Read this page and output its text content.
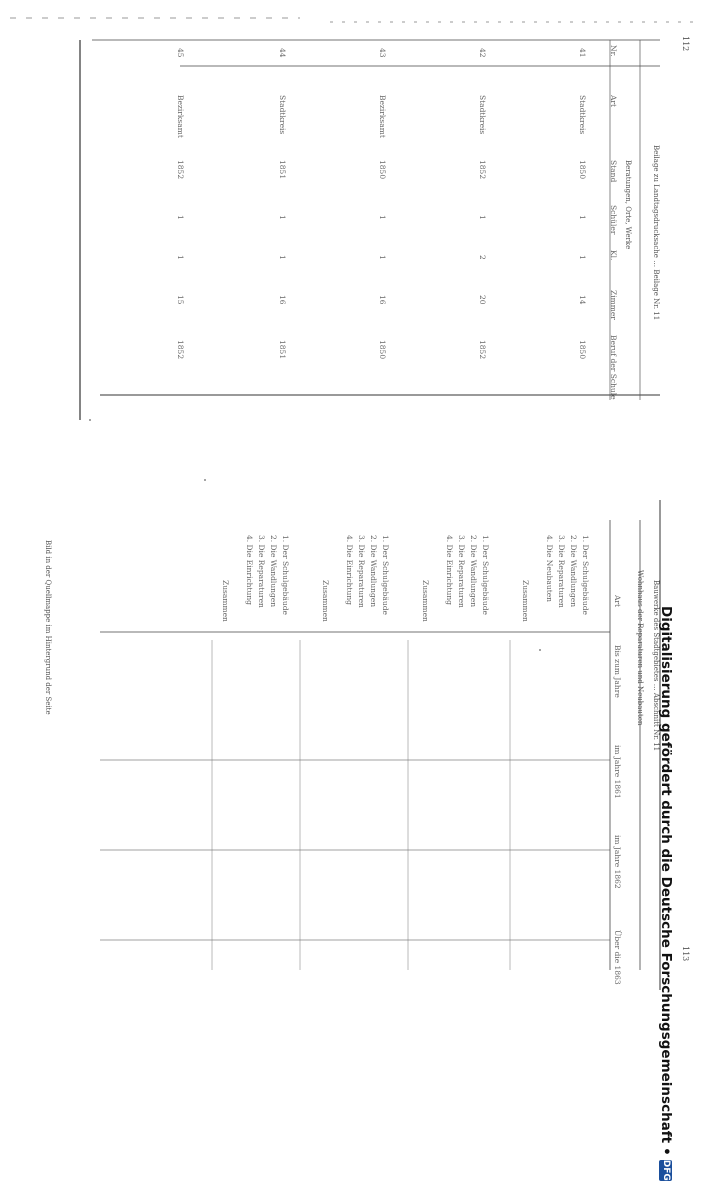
112
113
Beilage zu Landtagsdrucksache … Beilage Nr. 11
Bauwerke des Stadtgebietes … Abschnitt Nr. 11
Beratungen, Orte, Werke
Nr.
Art
Stand
Schüler
Kl.
Zimmer
Beruf der Schule
41
Stadtkreis
1850
1
1
14
1850
42
Stadtkreis
1852
1
2
20
1852
43
Bezirksamt
1850
1
1
16
1850
44
Stadtkreis
1851
1
1
16
1851
45
Bezirksamt
1852
1
1
15
1852
Wohnhaus der Reparaturen und Neubauten
Art
Bis zum Jahre
im Jahre 1861
im Jahre 1862
Über die 1863
1. Der Schulgebäude
2. Die Wandlungen
3. Die Reparaturen
4. Die Neubauten
Zusammen
1. Der Schulgebäude
2. Die Wandlungen
3. Die Reparaturen
4. Die Einrichtung
Zusammen
1. Der Schulgebäude
2. Die Wandlungen
3. Die Reparaturen
4. Die Einrichtung
Zusammen
1. Der Schulgebäude
2. Die Wandlungen
3. Die Reparaturen
4. Die Einrichtung
Zusammen
Bild in der Quellmappe im Hintergrund der Seite	Digitalisierung gefördert durch die Deutsche Forschungsgemeinschaft
•
DFG
